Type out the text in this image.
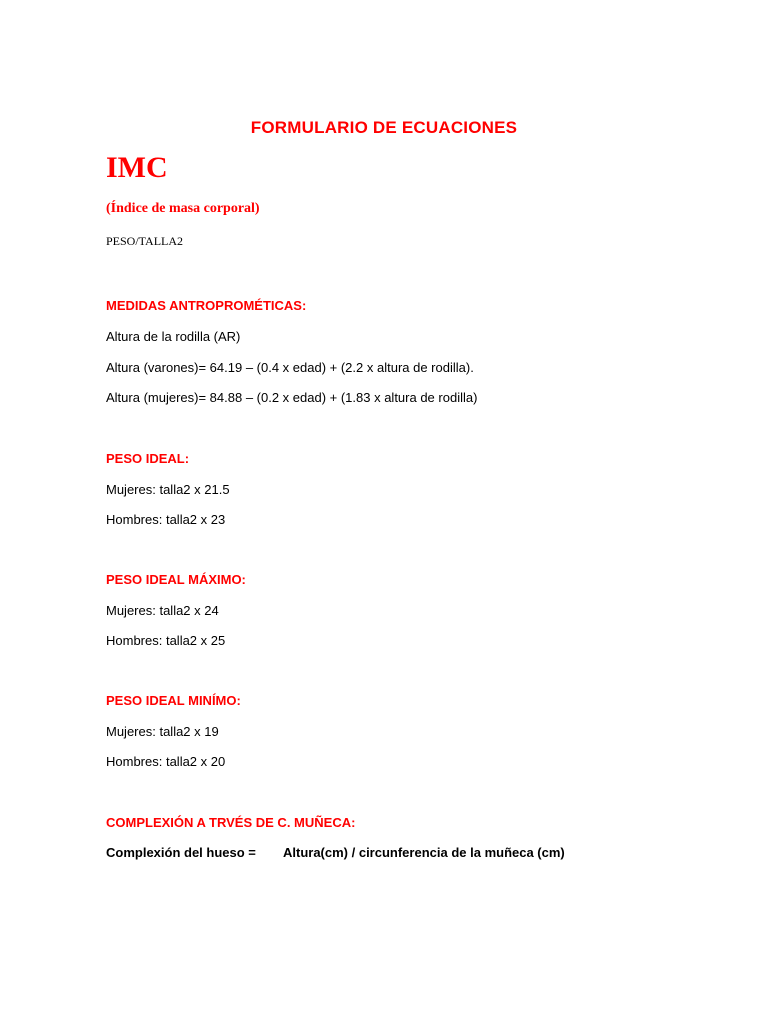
FORMULARIO DE ECUACIONES
IMC
(Índice de masa corporal)
PESO/TALLA2
MEDIDAS ANTROPROMÉTICAS:
Altura de la rodilla (AR)
Altura (varones)= 64.19 – (0.4 x edad) + (2.2 x altura de rodilla).
Altura (mujeres)= 84.88 – (0.2 x edad) + (1.83 x altura de rodilla)
PESO IDEAL:
Mujeres: talla2 x 21.5
Hombres: talla2 x 23
PESO IDEAL MÁXIMO:
Mujeres: talla2 x 24
Hombres: talla2 x 25
PESO IDEAL MINÍMO:
Mujeres: talla2 x 19
Hombres: talla2 x 20
COMPLEXIÓN A TRVÉS DE C. MUÑECA:
Complexión del hueso = Altura(cm) / circunferencia de la muñeca (cm)
